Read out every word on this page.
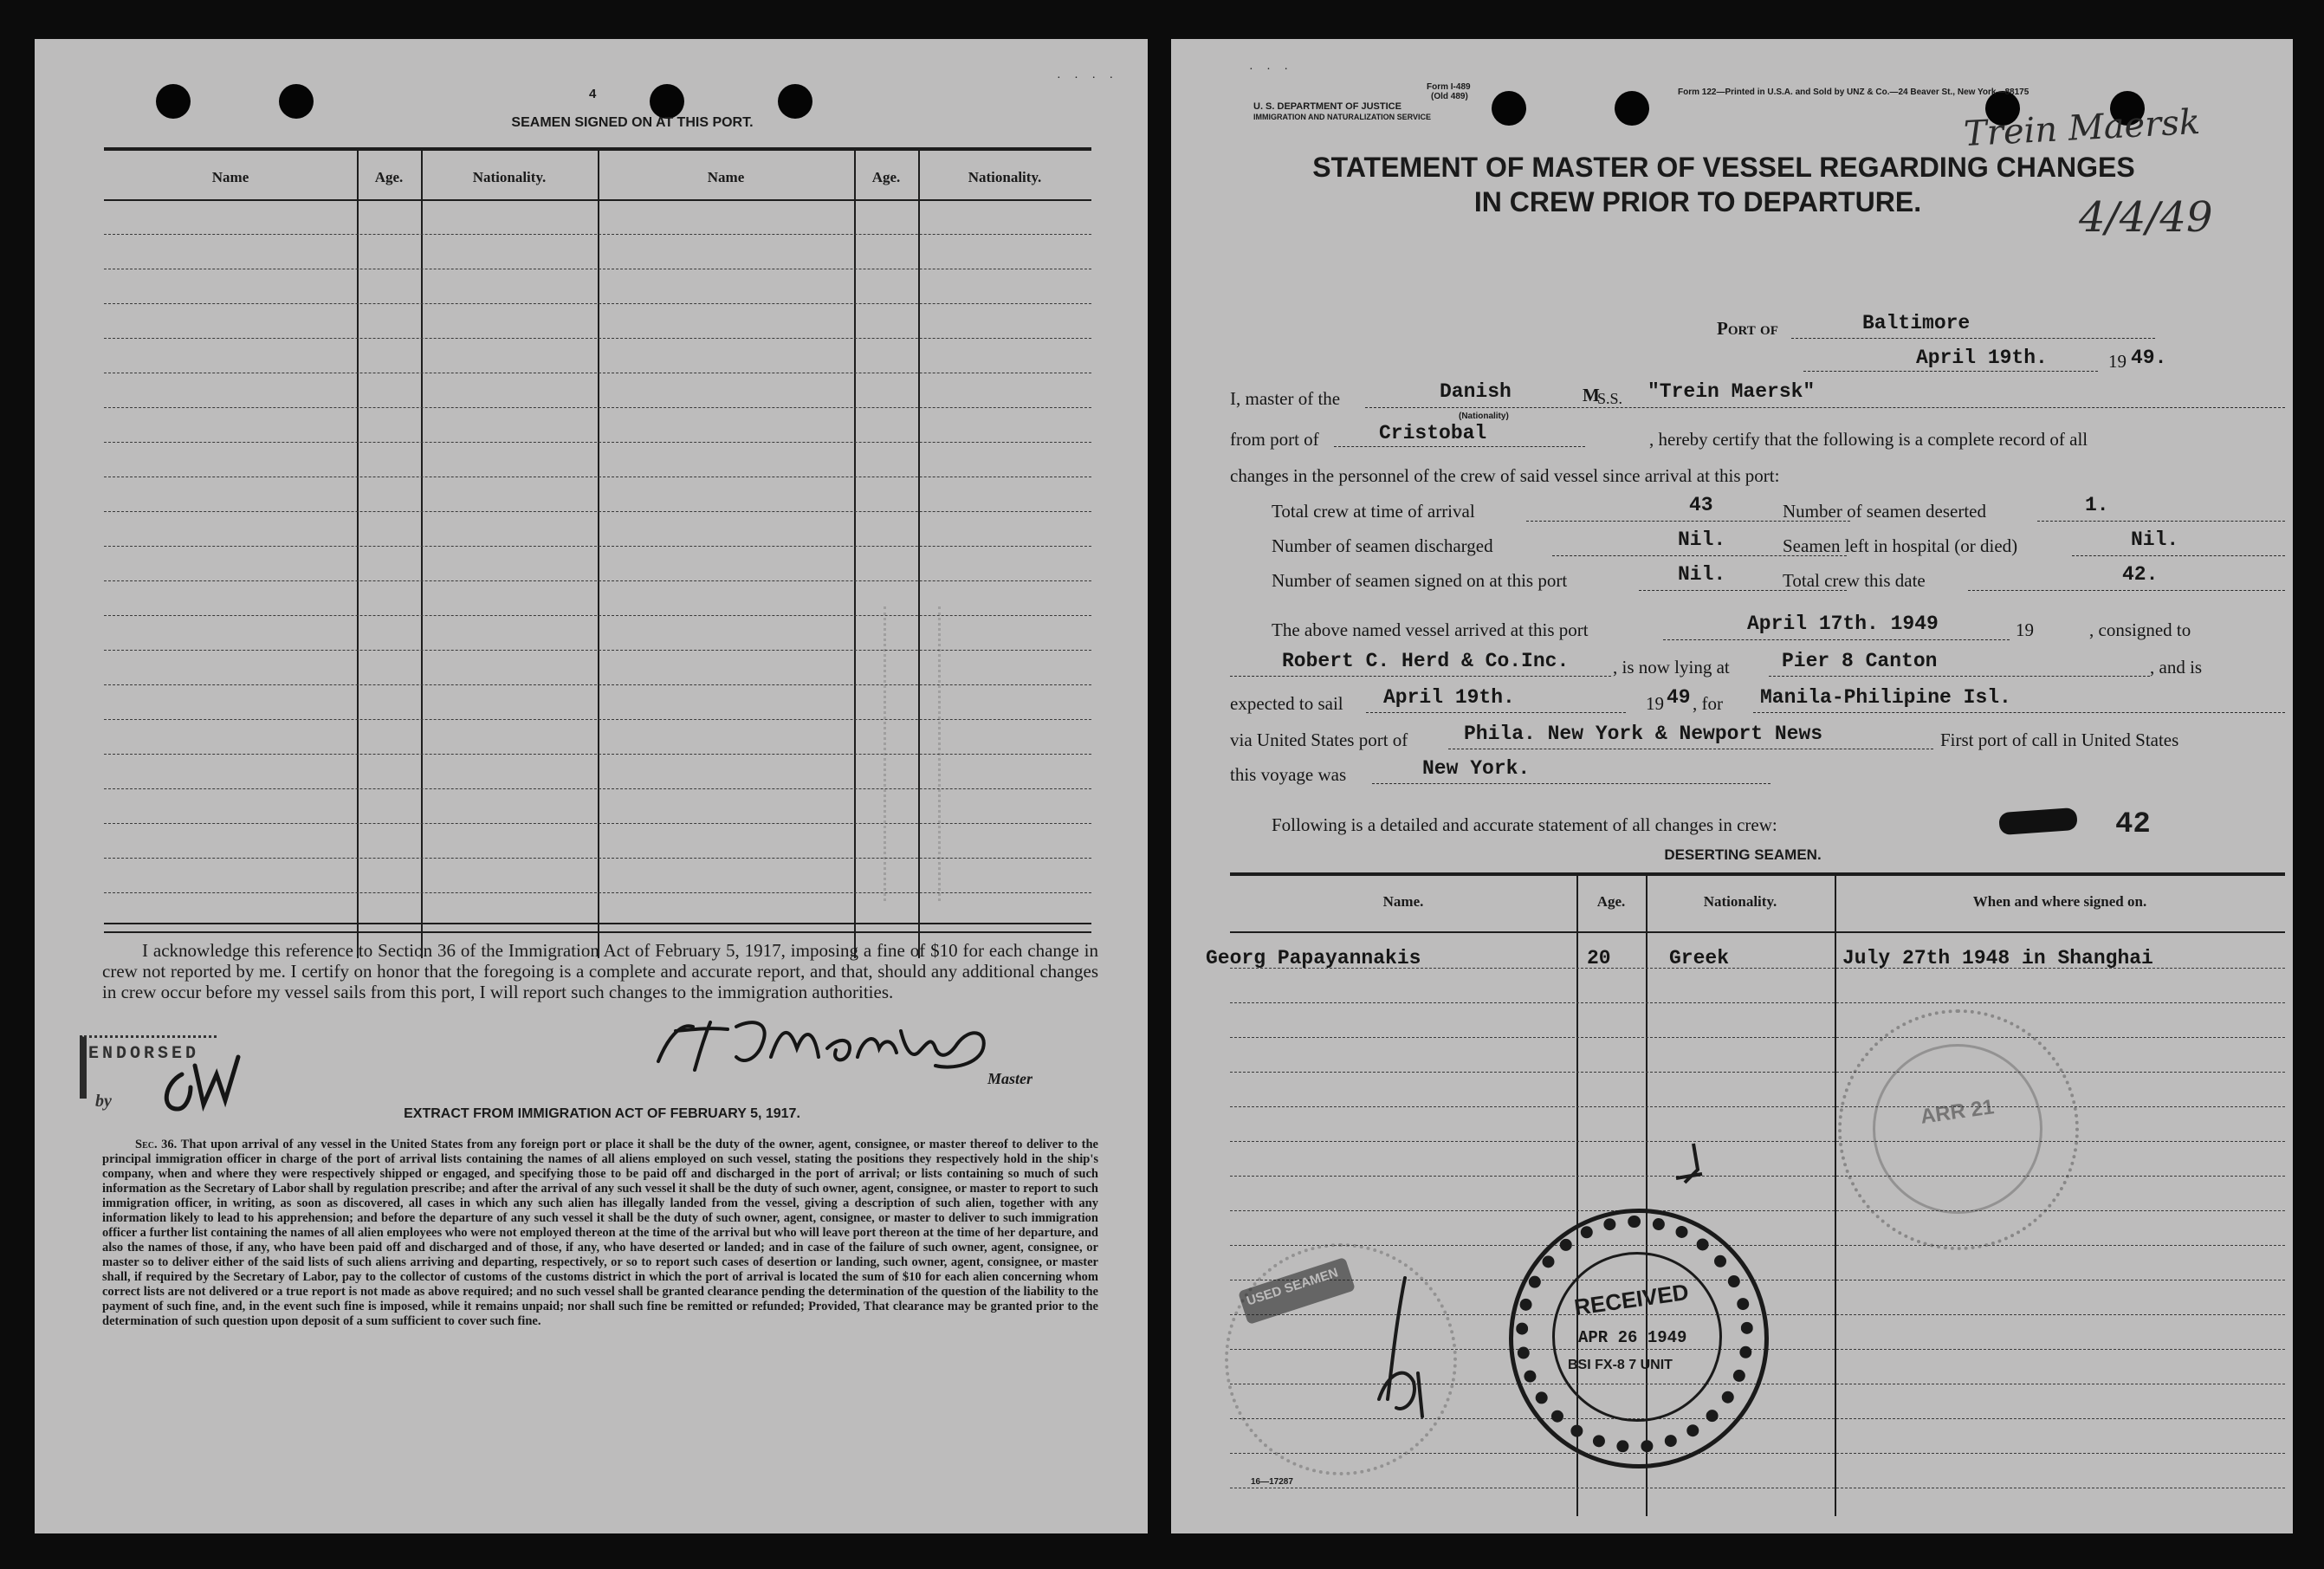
4
· · · ·
SEAMEN SIGNED ON AT THIS PORT.
Name	Age.	Nationality.	Name	Age.	Nationality.
I acknowledge this reference to Section 36 of the Immigration Act of February 5, 1917, imposing a fine of $10 for each change in crew not reported by me. I certify on honor that the foregoing is a complete and accurate report, and that, should any additional changes in crew occur before my vessel sails from this port, I will report such changes to the immigration authorities.
Master
ENDORSED
by
EXTRACT FROM IMMIGRATION ACT OF FEBRUARY 5, 1917.
Sec. 36. That upon arrival of any vessel in the United States from any foreign port or place it shall be the duty of the owner, agent, consignee, or master thereof to deliver to the principal immigration officer in charge of the port of arrival lists containing the names of all aliens employed on such vessel, stating the positions they respectively hold in the ship's company, when and where they were respectively shipped or engaged, and specifying those to be paid off and discharged in the port of arrival; or lists containing so much of such information as the Secretary of Labor shall by regulation prescribe; and after the arrival of any such vessel it shall be the duty of such owner, agent, consignee, or master to report to such immigration officer, in writing, as soon as discovered, all cases in which any such alien has illegally landed from the vessel, giving a description of such alien, together with any information likely to lead to his apprehension; and before the departure of any such vessel it shall be the duty of such owner, agent, consignee, or master to deliver to such immigration officer a further list containing the names of all alien employees who were not employed thereon at the time of the arrival but who will leave port thereon at the time of her departure, and also the names of those, if any, who have been paid off and discharged and of those, if any, who have deserted or landed; and in case of the failure of such owner, agent, consignee, or master so to deliver either of the said lists of such aliens arriving and departing, respectively, or so to report such cases of desertion or landing, such owner, agent, consignee, or master shall, if required by the Secretary of Labor, pay to the collector of customs of the customs district in which the port of arrival is located the sum of $10 for each alien concerning whom correct lists are not delivered or a true report is not made as above required; and no such vessel shall be granted clearance pending the determination of the question of the liability to the payment of such fine, and, in the event such fine is imposed, while it remains unpaid; nor shall such fine be remitted or refunded; Provided, That clearance may be granted prior to the determination of such question upon deposit of a sum sufficient to cover such fine.
· · ·
Form I-489
(Old 489)
U. S. DEPARTMENT OF JUSTICE
IMMIGRATION AND NATURALIZATION SERVICE
Form 122—Printed in U.S.A. and Sold by UNZ & Co.—24 Beaver St., New York—88175
Trein Maersk
4/4/49
STATEMENT OF MASTER OF VESSEL REGARDING CHANGES
IN CREW PRIOR TO DEPARTURE.
Port of	Baltimore
April 19th.	19 49.
I, master of the	Danish
(Nationality)
M
S.S. "Trein Maersk"
from port of	Cristobal	, hereby certify that the following is a complete record of all
changes in the personnel of the crew of said vessel since arrival at this port:
Total crew at time of arrival	43	Number of seamen deserted	1.
Number of seamen discharged	Nil.	Seamen left in hospital (or died)	Nil.
Number of seamen signed on at this port	Nil.	Total crew this date	42.
The above named vessel arrived at this port	April 17th. 1949	19	, consigned to
Robert C. Herd & Co.Inc. , is now lying at	Pier 8 Canton	, and is
expected to sail April 19th.	19 49 , for Manila-Philipine Isl.
via United States port of	Phila. New York & Newport News	First port of call in United States
this voyage was	New York.
Following is a detailed and accurate statement of all changes in crew:	42
DESERTING SEAMEN.
Name.	Age.	Nationality.	When and where signed on.
Georg Papayannakis	20	Greek	July 27th 1948 in Shanghai
ARR 21
USED SEAMEN	RECEIVED
APR 26 1949
BSI FX-8 7 UNIT
16—17287
